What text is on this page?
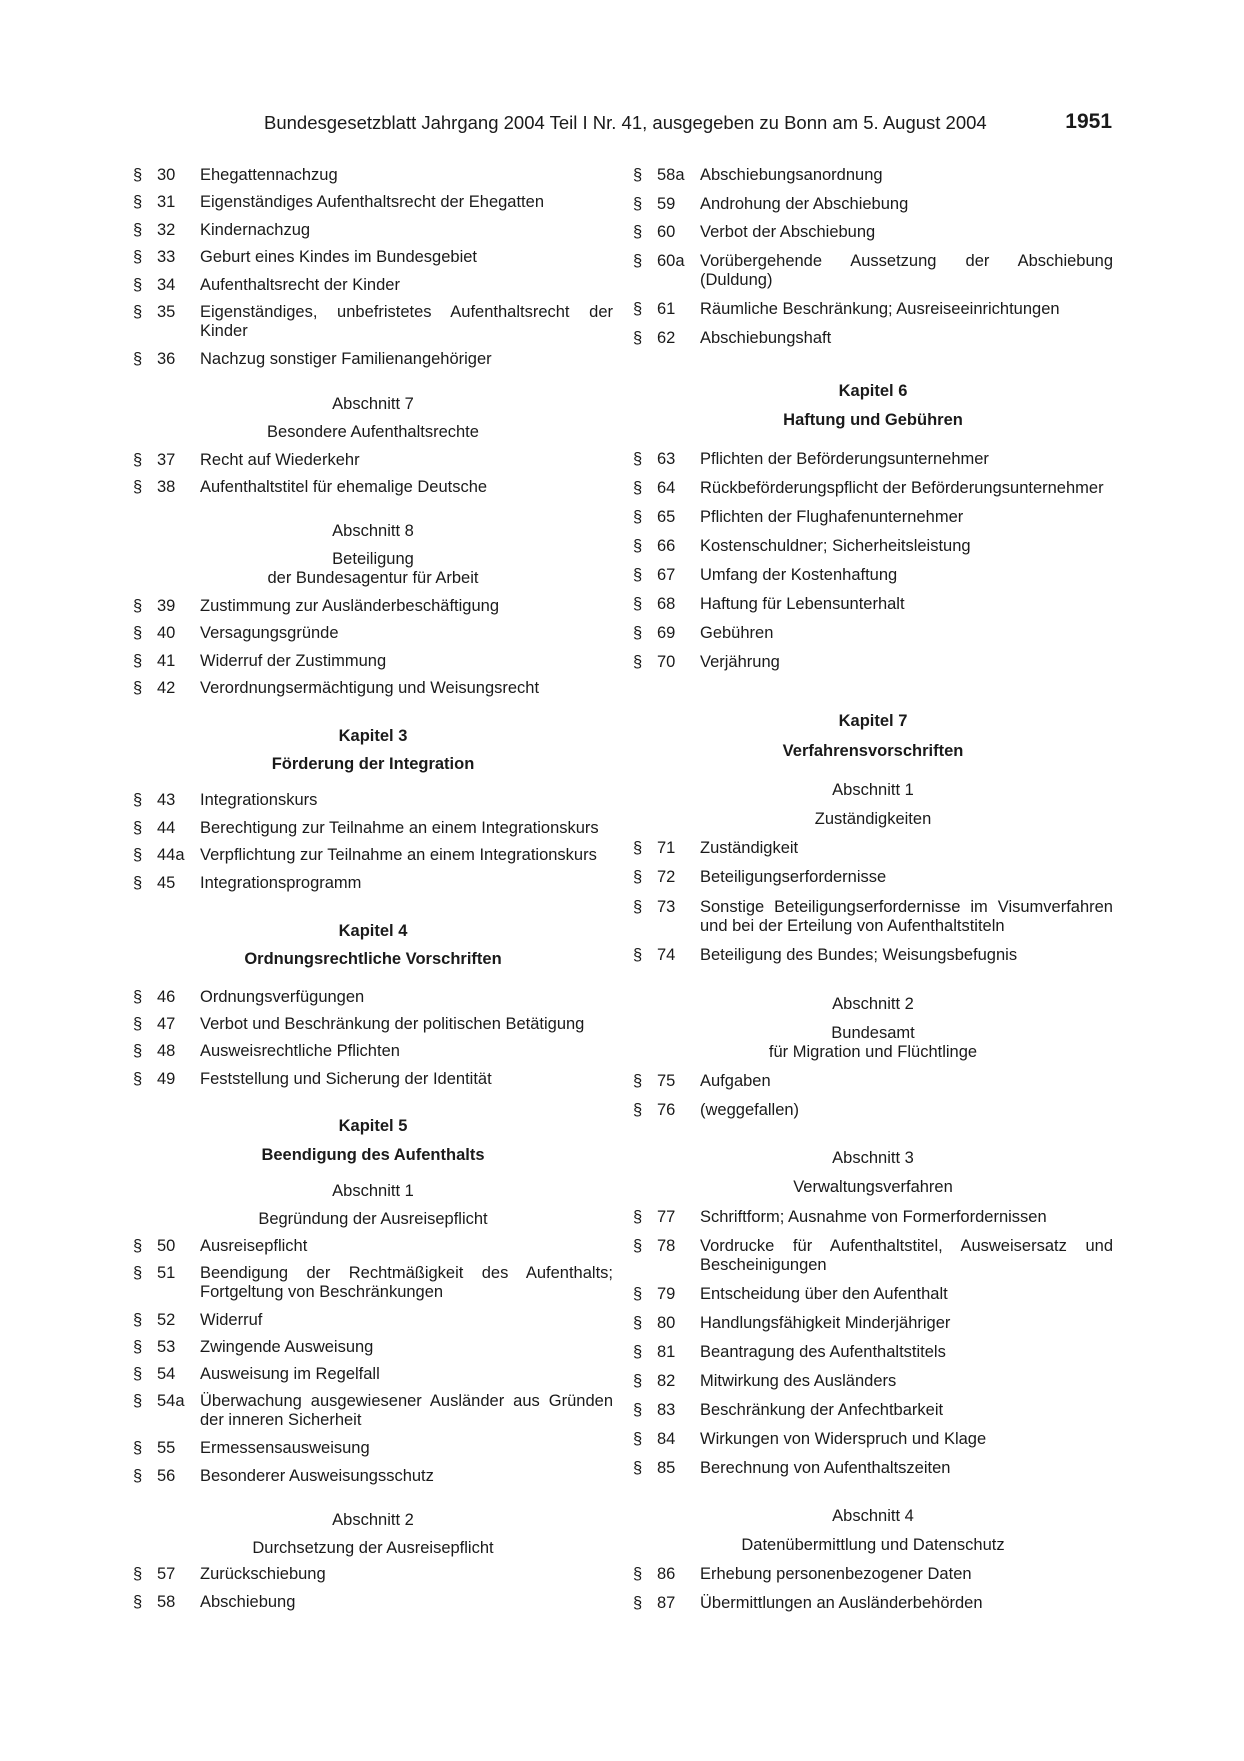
Bundesgesetzblatt Jahrgang 2004 Teil I Nr. 41, ausgegeben zu Bonn am 5. August 2004	1951
§ 30	Ehegattennachzug
§ 31	Eigenständiges Aufenthaltsrecht der Ehegatten
§ 32	Kindernachzug
§ 33	Geburt eines Kindes im Bundesgebiet
§ 34	Aufenthaltsrecht der Kinder
§ 35	Eigenständiges, unbefristetes Aufenthaltsrecht der Kinder
§ 36	Nachzug sonstiger Familienangehöriger
Abschnitt 7
Besondere Aufenthaltsrechte
§ 37	Recht auf Wiederkehr
§ 38	Aufenthaltstitel für ehemalige Deutsche
Abschnitt 8
Beteiligung
der Bundesagentur für Arbeit
§ 39	Zustimmung zur Ausländerbeschäftigung
§ 40	Versagungsgründe
§ 41	Widerruf der Zustimmung
§ 42	Verordnungsermächtigung und Weisungsrecht
Kapitel 3
Förderung der Integration
§ 43	Integrationskurs
§ 44	Berechtigung zur Teilnahme an einem Integrationskurs
§ 44a Verpflichtung zur Teilnahme an einem Integrationskurs
§ 45	Integrationsprogramm
Kapitel 4
Ordnungsrechtliche Vorschriften
§ 46	Ordnungsverfügungen
§ 47	Verbot und Beschränkung der politischen Betätigung
§ 48	Ausweisrechtliche Pflichten
§ 49	Feststellung und Sicherung der Identität
Kapitel 5
Beendigung des Aufenthalts
Abschnitt 1
Begründung der Ausreisepflicht
§ 50	Ausreisepflicht
§ 51	Beendigung der Rechtmäßigkeit des Aufenthalts; Fortgeltung von Beschränkungen
§ 52	Widerruf
§ 53	Zwingende Ausweisung
§ 54	Ausweisung im Regelfall
§ 54a Überwachung ausgewiesener Ausländer aus Gründen der inneren Sicherheit
§ 55	Ermessensausweisung
§ 56	Besonderer Ausweisungsschutz
Abschnitt 2
Durchsetzung der Ausreisepflicht
§ 57	Zurückschiebung
§ 58	Abschiebung
§ 58a Abschiebungsanordnung
§ 59	Androhung der Abschiebung
§ 60	Verbot der Abschiebung
§ 60a Vorübergehende Aussetzung der Abschiebung (Duldung)
§ 61	Räumliche Beschränkung; Ausreiseeinrichtungen
§ 62	Abschiebungshaft
Kapitel 6
Haftung und Gebühren
§ 63	Pflichten der Beförderungsunternehmer
§ 64	Rückbeförderungspflicht der Beförderungsunternehmer
§ 65	Pflichten der Flughafenunternehmer
§ 66	Kostenschuldner; Sicherheitsleistung
§ 67	Umfang der Kostenhaftung
§ 68	Haftung für Lebensunterhalt
§ 69	Gebühren
§ 70	Verjährung
Kapitel 7
Verfahrensvorschriften
Abschnitt 1
Zuständigkeiten
§ 71	Zuständigkeit
§ 72	Beteiligungserfordernisse
§ 73	Sonstige Beteiligungserfordernisse im Visumverfahren und bei der Erteilung von Aufenthaltstiteln
§ 74	Beteiligung des Bundes; Weisungsbefugnis
Abschnitt 2
Bundesamt
für Migration und Flüchtlinge
§ 75	Aufgaben
§ 76	(weggefallen)
Abschnitt 3
Verwaltungsverfahren
§ 77	Schriftform; Ausnahme von Formerfordernissen
§ 78	Vordrucke für Aufenthaltstitel, Ausweisersatz und Bescheinigungen
§ 79	Entscheidung über den Aufenthalt
§ 80	Handlungsfähigkeit Minderjähriger
§ 81	Beantragung des Aufenthaltstitels
§ 82	Mitwirkung des Ausländers
§ 83	Beschränkung der Anfechtbarkeit
§ 84	Wirkungen von Widerspruch und Klage
§ 85	Berechnung von Aufenthaltszeiten
Abschnitt 4
Datenübermittlung und Datenschutz
§ 86	Erhebung personenbezogener Daten
§ 87	Übermittlungen an Ausländerbehörden
